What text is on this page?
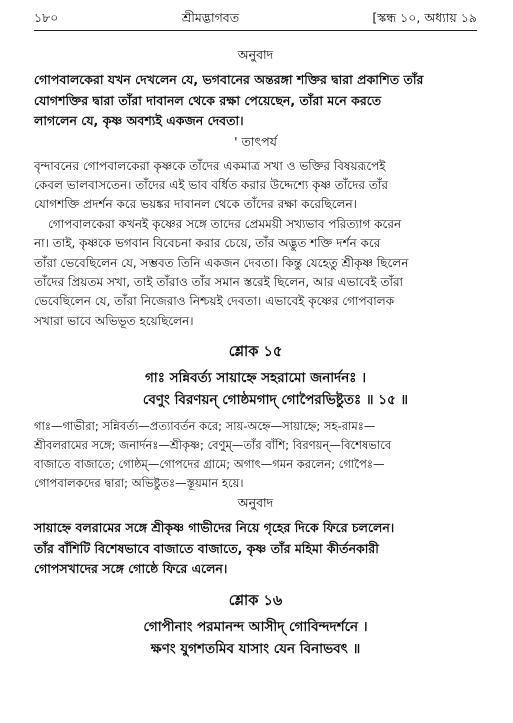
১৮০	শ্রীমদ্ভাগবত	[স্কন্ধ ১০, অধ্যায় ১৯
অনুবাদ

গোপবালকেরা যখন দেখলেন যে, ভগবানের অন্তরঙ্গা শক্তির দ্বারা প্রকাশিত তাঁর
যোগশক্তির দ্বারা তাঁরা দাবানল থেকে রক্ষা পেয়েছেন, তাঁরা মনে করতে
লাগলেন যে, কৃষ্ণ অবশ্যই একজন দেবতা।

' তাৎপর্য

বৃন্দাবনের গোপবালকেরা কৃষ্ণকে তাঁদের একমাত্র সখা ও ভক্তির বিষয়রূপেই
কেবল ভালবাসতেন। তাঁদের এই ভাব বর্ধিত করার উদ্দেশ্যে কৃষ্ণ তাঁদের তাঁর
যোগশক্তি প্রদর্শন করে ভয়ঙ্কর দাবানল থেকে তাঁদের রক্ষা করেছিলেন।

গোপবালকেরা কখনই কৃষ্ণের সঙ্গে তাদের প্রেমময়ী সখ্যভাব পরিত্যাগ করেন
না। তাই, কৃষ্ণকে ভগবান বিবেচনা করার চেয়ে, তাঁর অদ্ভুত শক্তি দর্শন করে
তাঁরা ভেবেছিলেন যে, সম্ভবত তিনি একজন দেবতা। কিন্তু যেহেতু শ্রীকৃষ্ণ ছিলেন
তাঁদের প্রিয়তম সখা, তাই তাঁরাও তাঁর সমান স্তরেই ছিলেন, আর এভাবেই তাঁরা
ভেবেছিলেন যে, তাঁরা নিজেরাও নিশ্চয়ই দেবতা। এভাবেই কৃষ্ণের গোপবালক
সখারা ভাবে অভিভূত হয়েছিলেন।

শ্লোক ১৫

গাঃ সন্নিবর্ত্য সায়াহ্নে সহরামো জনার্দনঃ ।

বেণুং বিরণয়ন্ গোষ্ঠমগাদ্ গোপৈরভিষ্টুতঃ ॥ ১৫ ॥

গাঃ—গাভীরা; সন্নিবর্ত্য—প্রত্যাবর্তন করে; সায়-অহ্নে—সায়াহ্নে; সহ-রামঃ—
শ্রীবলরামের সঙ্গে; জনার্দনঃ—শ্রীকৃষ্ণ; বেণুম্—তাঁর বাঁশি; বিরণয়ন্—বিশেষভাবে
বাজাতে বাজাতে; গোষ্ঠম্—গোপদের গ্রামে; অগাৎ—গমন করলেন; গোপৈঃ—
গোপবালকদের দ্বারা; অভিষ্টুতঃ—স্তূয়মান হয়ে।

অনুবাদ

সায়াহ্নে বলরামের সঙ্গে শ্রীকৃষ্ণ গাভীদের নিয়ে গৃহের দিকে ফিরে চললেন।
তাঁর বাঁশিটি বিশেষভাবে বাজাতে বাজাতে, কৃষ্ণ তাঁর মহিমা কীর্তনকারী
গোপসখাদের সঙ্গে গোষ্ঠে ফিরে এলেন।

শ্লোক ১৬

গোপীনাং পরমানন্দ আসীদ্ গোবিন্দদর্শনে ।

ক্ষণং যুগশতমিব যাসাং যেন বিনাভবৎ ॥
